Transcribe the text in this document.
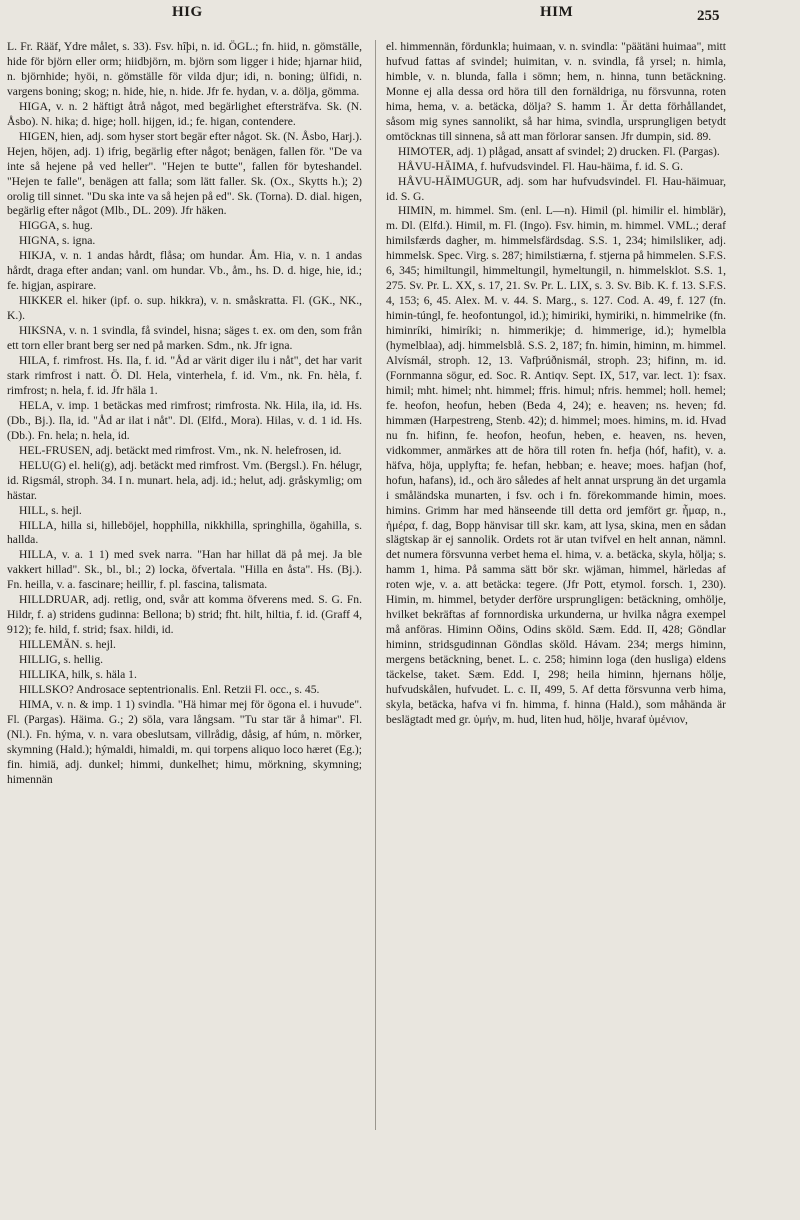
HIG	HIM	255

L. Fr. Rääf, Ydre målet, s. 33). Fsv. hîþi, n. id. ÖGL.; fn. hiid, n. gömställe, hide för björn eller orm; hiidbjörn, m. björn som ligger i hide; hjarnar hiid, n. björnhide; hyöi, n. gömställe för vilda djur; idi, n. boning; ülfidi, n. vargens boning; skog; n. hide, hie, n. hide. Jfr fe. hydan, v. a. dölja, gömma.

HIGA, v. n. 2 häftigt åtrå något, med begärlighet eftersträfva. Sk. (N. Åsbo). N. hika; d. hige; holl. hijgen, id.; fe. higan, contendere.

HIGEN, hien, adj. som hyser stort begär efter något. Sk. (N. Åsbo, Harj.). Hejen, höjen, adj. 1) ifrig, begärlig efter något; benägen, fallen för. "De va inte så hejene på ved heller". "Hejen te butte", fallen för byteshandel. "Hejen te falle", benägen att falla; som lätt faller. Sk. (Ox., Skytts h.); 2) orolig till sinnet. "Du ska inte va så hejen på ed". Sk. (Torna). D. dial. higen, begärlig efter något (Mlb., DL. 209). Jfr häken.

HIGGA, s. hug.

HIGNA, s. igna.

HIKJA, v. n. 1 andas hårdt, flåsa; om hundar. Åm. Hia, v. n. 1 andas hårdt, draga efter andan; vanl. om hundar. Vb., åm., hs. D. d. hige, hie, id.; fe. higjan, aspirare.

HIKKER el. hiker (ipf. o. sup. hikkra), v. n. småskratta. Fl. (GK., NK., K.).

HIKSNA, v. n. 1 svindla, få svindel, hisna; säges t. ex. om den, som från ett torn eller brant berg ser ned på marken. Sdm., nk. Jfr igna.

HILA, f. rimfrost. Hs. Ila, f. id. "Åd ar värit diger ilu i nåt", det har varit stark rimfrost i natt. Ö. Dl. Hela, vinterhela, f. id. Vm., nk. Fn. hèla, f. rimfrost; n. hela, f. id. Jfr häla 1.

HELA, v. imp. 1 betäckas med rimfrost; rimfrosta. Nk. Hila, ila, id. Hs. (Db., Bj.). Ila, id. "Åd ar ilat i nåt". Dl. (Elfd., Mora). Hilas, v. d. 1 id. Hs. (Db.). Fn. hela; n. hela, id.

HEL-FRUSEN, adj. betäckt med rimfrost. Vm., nk. N. helefrosen, id.

HELU(G) el. heli(g), adj. betäckt med rimfrost. Vm. (Bergsl.). Fn. hélugr, id. Rigsmál, stroph. 34. I n. munart. hela, adj. id.; helut, adj. gråskymlig; om hästar.

HILL, s. hejl.

HILLA, hilla si, hilleböjel, hopphilla, nikkhilla, springhilla, ögahilla, s. hallda.

HILLA, v. a. 1 1) med svek narra. "Han har hillat dä på mej. Ja ble vakkert hillad". Sk., bl., bl.; 2) locka, öfvertala. "Hilla en åsta". Hs. (Bj.). Fn. heilla, v. a. fascinare; heillir, f. pl. fascina, talismata.

HILLDRUAR, adj. retlig, ond, svår att komma öfverens med. S. G. Fn. Hildr, f. a) stridens gudinna: Bellona; b) strid; fht. hilt, hiltia, f. id. (Graff 4, 912); fe. hild, f. strid; fsax. hildi, id.

HILLEMÄN. s. hejl.

HILLIG, s. hellig.

HILLIKA, hilk, s. häla 1.

HILLSKO? Androsace septentrionalis. Enl. Retzii Fl. occ., s. 45.

HIMA, v. n. & imp. 1 1) svindla. "Hä himar mej för ögona el. i huvude". Fl. (Pargas). Häima. G.; 2) söla, vara långsam. "Tu star tär å himar". Fl. (Nl.). Fn. hýma, v. n. vara obeslutsam, villrådig, dåsig, af húm, n. mörker, skymning (Hald.); hýmaldi, himaldi, m. qui torpens aliquo loco hæret (Eg.); fin. himiä, adj. dunkel; himmi, dunkelhet; himu, mörkning, skymning; himennän

el. himmennän, fördunkla; huimaan, v. n. svindla: "päätäni huimaa", mitt hufvud fattas af svindel; huimitan, v. n. svindla, få yrsel; n. himla, himble, v. n. blunda, falla i sömn; hem, n. hinna, tunn betäckning. Monne ej alla dessa ord höra till den fornäldriga, nu försvunna, roten hima, hema, v. a. betäcka, dölja? S. hamm 1. Är detta förhållandet, såsom mig synes sannolikt, så har hima, svindla, ursprungligen betydt omtöcknas till sinnena, så att man förlorar sansen. Jfr dumpin, sid. 89.

HIMOTER, adj. 1) plågad, ansatt af svindel; 2) drucken. Fl. (Pargas).

HÅVU-HÄIMA, f. hufvudsvindel. Fl. Hau-häima, f. id. S. G.

HÅVU-HÄIMUGUR, adj. som har hufvudsvindel. Fl. Hau-häimuar, id. S. G.

HIMIN, m. himmel. Sm. (enl. L—n). Himil (pl. himilir el. himblär), m. Dl. (Elfd.). Himil, m. Fl. (Ingo). Fsv. himin, m. himmel. VML.; deraf himilsfærds dagher, m. himmelsfärdsdag. S.S. 1, 234; himilsliker, adj. himmelsk. Spec. Virg. s. 287; himilstiærna, f. stjerna på himmelen. S.F.S. 6, 345; himiltungil, himmeltungil, hymeltungil, n. himmelsklot. S.S. 1, 275. Sv. Pr. L. XX, s. 17, 21. Sv. Pr. L. LIX, s. 3. Sv. Bib. K. f. 13. S.F.S. 4, 153; 6, 45. Alex. M. v. 44. S. Marg., s. 127. Cod. A. 49, f. 127 (fn. himin-túngl, fe. heofontungol, id.); himiriki, hymiriki, n. himmelrike (fn. himinríki, himiríki; n. himmerikje; d. himmerige, id.); hymelbla (hymelblaa), adj. himmelsblå. S.S. 2, 187; fn. himin, himinn, m. himmel. Alvísmál, stroph. 12, 13. Vafþrúðnismál, stroph. 23; hifinn, m. id. (Fornmanna sögur, ed. Soc. R. Antiqv. Sept. IX, 517, var. lect. 1): fsax. himil; mht. himel; nht. himmel; ffris. himul; nfris. hemmel; holl. hemel; fe. heofon, heofun, heben (Beda 4, 24); e. heaven; ns. heven; fd. himmæn (Harpestreng, Stenb. 42); d. himmel; moes. himins, m. id. Hvad nu fn. hifinn, fe. heofon, heofun, heben, e. heaven, ns. heven, vidkommer, anmärkes att de höra till roten fn. hefja (hóf, hafit), v. a. häfva, höja, upplyfta; fe. hefan, hebban; e. heave; moes. hafjan (hof, hofun, hafans), id., och äro således af helt annat ursprung än det urgamla i småländska munarten, i fsv. och i fn. förekommande himin, moes. himins. Grimm har med hänseende till detta ord jemfört gr. ἦμαρ, n., ἡμέρα, f. dag, Bopp hänvisar till skr. kam, att lysa, skina, men en sådan slägtskap är ej sannolik. Ordets rot är utan tvifvel en helt annan, nämnl. det numera försvunna verbet hema el. hima, v. a. betäcka, skyla, hölja; s. hamm 1, hima. På samma sätt bör skr. wjäman, himmel, härledas af roten wje, v. a. att betäcka: tegere. (Jfr Pott, etymol. forsch. 1, 230). Himin, m. himmel, betyder derföre ursprungligen: betäckning, omhölje, hvilket bekräftas af fornnordiska urkunderna, ur hvilka några exempel må anföras. Himinn Oðins, Odins sköld. Sæm. Edd. II, 428; Göndlar himinn, stridsgudinnan Göndlas sköld. Hávam. 234; mergs himinn, mergens betäckning, benet. L. c. 258; himinn loga (den husliga) eldens täckelse, taket. Sæm. Edd. I, 298; heila himinn, hjernans hölje, hufvudskålen, hufvudet. L. c. II, 499, 5. Af detta försvunna verb hima, skyla, betäcka, hafva vi fn. himma, f. hinna (Hald.), som måhända är beslägtadt med gr. ὑμήν, m. hud, liten hud, hölje, hvaraf ὑμένιον,
